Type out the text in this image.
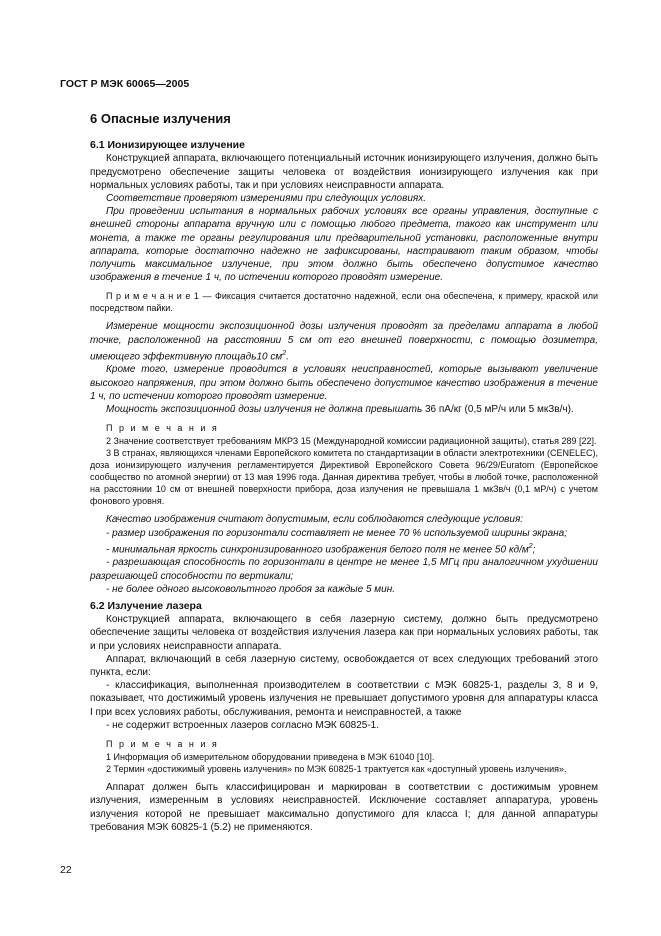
ГОСТ Р МЭК 60065—2005
6 Опасные излучения
6.1 Ионизирующее излучение

Конструкцией аппарата, включающего потенциальный источник ионизирующего излучения, должно быть предусмотрено обеспечение защиты человека от воздействия ионизирующего излучения как при нормальных условиях работы, так и при условиях неисправности аппарата.

Соответствие проверяют измерениями при следующих условиях.

При проведении испытания в нормальных рабочих условиях все органы управления, доступные с внешней стороны аппарата вручную или с помощью любого предмета, такого как инструмент или монета, а также те органы регулирования или предварительной установки, расположенные внутри аппарата, которые достаточно надежно не зафиксированы, настраивают таким образом, чтобы получить максимальное излучение, при этом должно быть обеспечено допустимое качество изображения в течение 1 ч, по истечении которого проводят измерение.

П р и м е ч а н и е 1 — Фиксация считается достаточно надежной, если она обеспечена, к примеру, краской или посредством пайки.

Измерение мощности экспозиционной дозы излучения проводят за пределами аппарата в любой точке, расположенной на расстоянии 5 см от его внешней поверхности, с помощью дозиметра, имеющего эффективную площадь10 $см^2$.

Кроме того, измерение проводится в условиях неисправностей, которые вызывают увеличение высокого напряжения, при этом должно быть обеспечено допустимое качество изображения в течение 1 ч, по истечении которого проводят измерение.

Мощность экспозиционной дозы излучения не должна превышать 36 пА/кг (0,5 мР/ч или 5 мкЗв/ч).

П р и м е ч а н и я

2 Значение соответствует требованиям МКРЗ 15 (Международной комиссии радиационной защиты), статья 289 [22].

3 В странах, являющихся членами Европейского комитета по стандартизации в области электротехники (CENELEC), доза ионизирующего излучения регламентируется Директивой Европейского Совета 96/29/Euratom (Европейское сообщество по атомной энергии) от 13 мая 1996 года. Данная директива требует, чтобы в любой точке, расположенной на расстоянии 10 см от внешней поверхности прибора, доза излучения не превышала 1 мкЗв/ч (0,1 мР/ч) с учетом фонового уровня.

Качество изображения считают допустимым, если соблюдаются следующие условия:

- размер изображения по горизонтали составляет не менее 70 % используемой ширины экрана;

- минимальная яркость синхронизированного изображения белого поля не менее 50 $кд/м^2$;

- разрешающая способность по горизонтали в центре не менее 1,5 МГц при аналогичном ухудшении разрешающей способности по вертикали;

- не более одного высоковольтного пробоя за каждые 5 мин.

6.2 Излучение лазера

Конструкцией аппарата, включающего в себя лазерную систему, должно быть предусмотрено обеспечение защиты человека от воздействия излучения лазера как при нормальных условиях работы, так и при условиях неисправности аппарата.

Аппарат, включающий в себя лазерную систему, освобождается от всех следующих требований этого пункта, если:

- классификация, выполненная производителем в соответствии с МЭК 60825-1, разделы 3, 8 и 9, показывает, что достижимый уровень излучения не превышает допустимого уровня для аппаратуры класса I при всех условиях работы, обслуживания, ремонта и неисправностей, а также

- не содержит встроенных лазеров согласно МЭК 60825-1.

П р и м е ч а н и я

1 Информация об измерительном оборудовании приведена в МЭК 61040 [10].

2 Термин «достижимый уровень излучения» по МЭК 60825-1 трактуется как «доступный уровень излучения».

Аппарат должен быть классифицирован и маркирован в соответствии с достижимым уровнем излучения, измеренным в условиях неисправностей. Исключение составляет аппаратура, уровень излучения которой не превышает максимально допустимого для класса I; для данной аппаратуры требования МЭК 60825-1 (5.2) не применяются.

22
